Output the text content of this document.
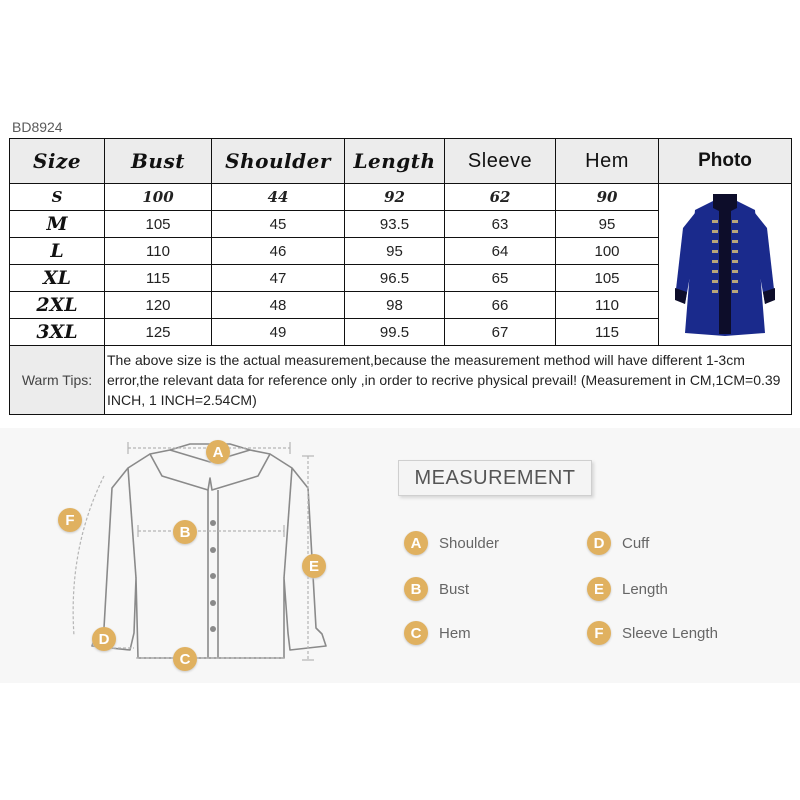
BD8924
Size	Bust	Shoulder	Length	Sleeve	Hem	Photo
S	100	44	92	62	90	
M	105	45	93.5	63	95	
L	110	46	95	64	100	
XL	115	47	96.5	65	105	
2XL	120	48	98	66	110	
3XL	125	49	99.5	67	115	
Warm Tips:	The above size is the actual measurement,because the measurement method will have different 1-3cm error,the relevant data for reference only ,in order to recrive physical prevail! (Measurement in CM,1CM=0.39 INCH, 1 INCH=2.54CM)					
A
B
C
D
E
F
MEASUREMENT
A	Shoulder
B	Bust
C	Hem
D	Cuff
E	Length
F	Sleeve Length
